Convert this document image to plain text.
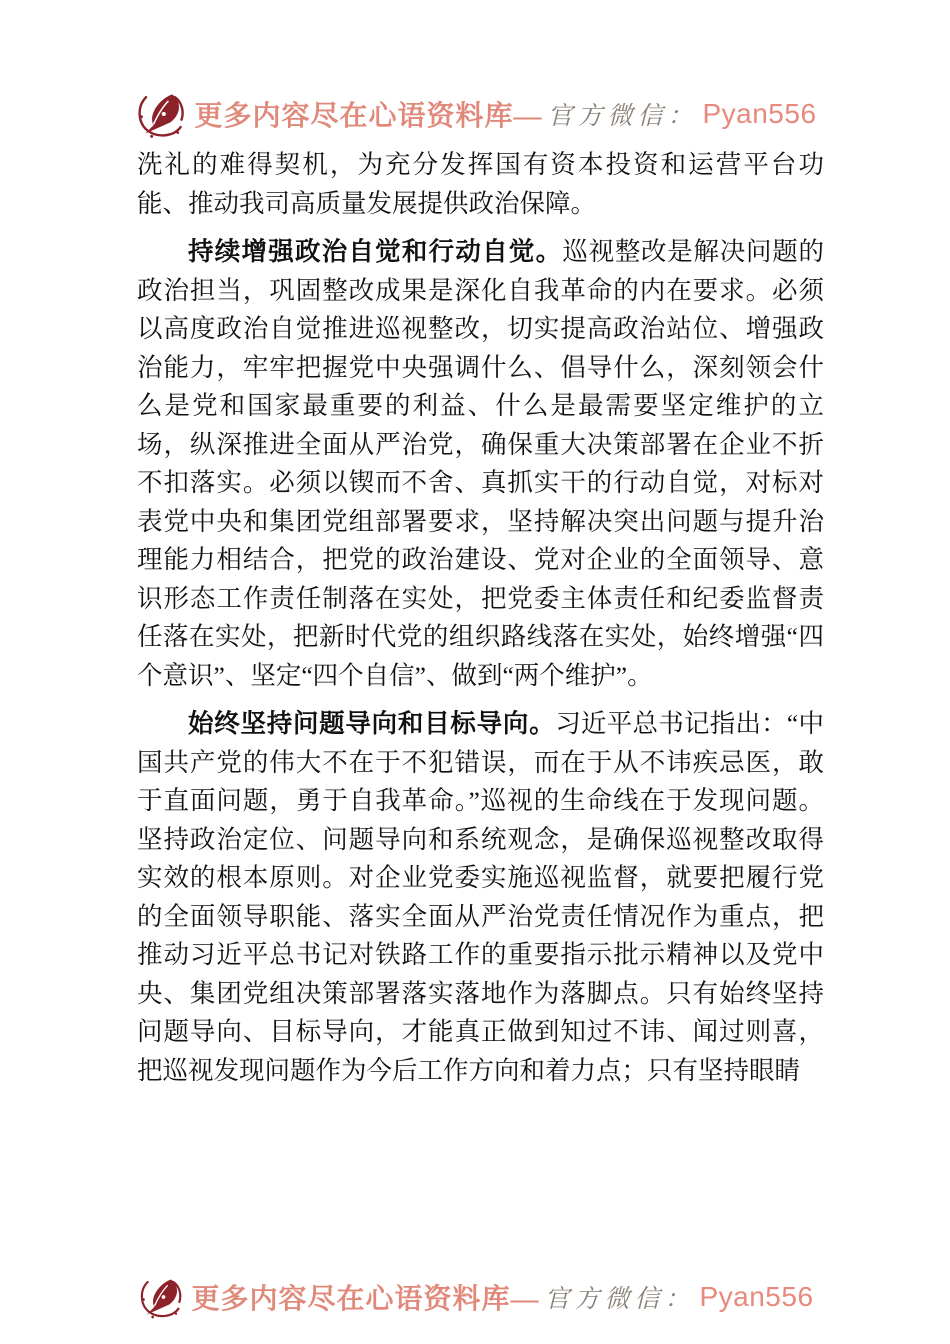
更多内容尽在心语资料库— 官方微信： Pyan556

洗礼的难得契机，为充分发挥国有资本投资和运营平台功能、推动我司高质量发展提供政治保障。

持续增强政治自觉和行动自觉。巡视整改是解决问题的政治担当，巩固整改成果是深化自我革命的内在要求。必须以高度政治自觉推进巡视整改，切实提高政治站位、增强政治能力，牢牢把握党中央强调什么、倡导什么，深刻领会什么是党和国家最重要的利益、什么是最需要坚定维护的立场，纵深推进全面从严治党，确保重大决策部署在企业不折不扣落实。必须以锲而不舍、真抓实干的行动自觉，对标对表党中央和集团党组部署要求，坚持解决突出问题与提升治理能力相结合，把党的政治建设、党对企业的全面领导、意识形态工作责任制落在实处，把党委主体责任和纪委监督责任落在实处，把新时代党的组织路线落在实处，始终增强“四个意识”、坚定“四个自信”、做到“两个维护”。

始终坚持问题导向和目标导向。习近平总书记指出：“中国共产党的伟大不在于不犯错误，而在于从不讳疾忌医，敢于直面问题，勇于自我革命。”巡视的生命线在于发现问题。坚持政治定位、问题导向和系统观念，是确保巡视整改取得实效的根本原则。对企业党委实施巡视监督，就要把履行党的全面领导职能、落实全面从严治党责任情况作为重点，把推动习近平总书记对铁路工作的重要指示批示精神以及党中央、集团党组决策部署落实落地作为落脚点。只有始终坚持问题导向、目标导向，才能真正做到知过不讳、闻过则喜，把巡视发现问题作为今后工作方向和着力点；只有坚持眼睛

更多内容尽在心语资料库— 官方微信： Pyan556
